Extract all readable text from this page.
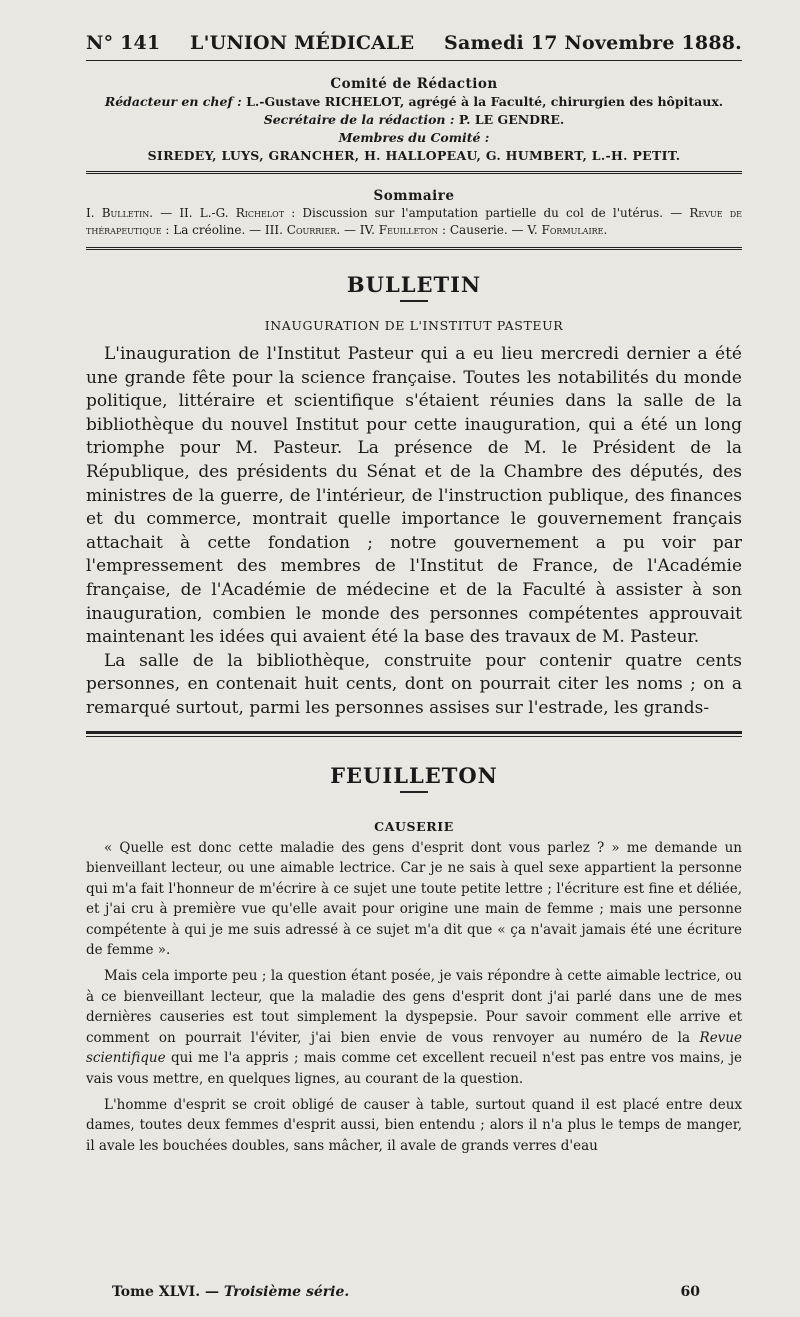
N° 141	L'UNION MÉDICALE	Samedi 17 Novembre 1888.
Comité de Rédaction
Rédacteur en chef : L.-Gustave RICHELOT, agrégé à la Faculté, chirurgien des hôpitaux.
Secrétaire de la rédaction : P. LE GENDRE.
Membres du Comité :
SIREDEY, LUYS, GRANCHER, H. HALLOPEAU, G. HUMBERT, L.-H. PETIT.
Sommaire
I. Bulletin. — II. L.-G. Richelot : Discussion sur l'amputation partielle du col de l'utérus. — Revue de thérapeutique : La créoline. — III. Courrier. — IV. Feuilleton : Causerie. — V. Formulaire.
BULLETIN
INAUGURATION DE L'INSTITUT PASTEUR

L'inauguration de l'Institut Pasteur qui a eu lieu mercredi dernier a été une grande fête pour la science française. Toutes les notabilités du monde politique, littéraire et scientifique s'étaient réunies dans la salle de la bibliothèque du nouvel Institut pour cette inauguration, qui a été un long triomphe pour M. Pasteur. La présence de M. le Président de la République, des présidents du Sénat et de la Chambre des députés, des ministres de la guerre, de l'intérieur, de l'instruction publique, des finances et du commerce, montrait quelle importance le gouvernement français attachait à cette fondation ; notre gouvernement a pu voir par l'empressement des membres de l'Institut de France, de l'Académie française, de l'Académie de médecine et de la Faculté à assister à son inauguration, combien le monde des personnes compétentes approuvait maintenant les idées qui avaient été la base des travaux de M. Pasteur.

La salle de la bibliothèque, construite pour contenir quatre cents personnes, en contenait huit cents, dont on pourrait citer les noms ; on a remarqué surtout, parmi les personnes assises sur l'estrade, les grands-

FEUILLETON
CAUSERIE

« Quelle est donc cette maladie des gens d'esprit dont vous parlez ? » me demande un bienveillant lecteur, ou une aimable lectrice. Car je ne sais à quel sexe appartient la personne qui m'a fait l'honneur de m'écrire à ce sujet une toute petite lettre ; l'écriture est fine et déliée, et j'ai cru à première vue qu'elle avait pour origine une main de femme ; mais une personne compétente à qui je me suis adressé à ce sujet m'a dit que « ça n'avait jamais été une écriture de femme ».

Mais cela importe peu ; la question étant posée, je vais répondre à cette aimable lectrice, ou à ce bienveillant lecteur, que la maladie des gens d'esprit dont j'ai parlé dans une de mes dernières causeries est tout simplement la dyspepsie. Pour savoir comment elle arrive et comment on pourrait l'éviter, j'ai bien envie de vous renvoyer au numéro de la Revue scientifique qui me l'a appris ; mais comme cet excellent recueil n'est pas entre vos mains, je vais vous mettre, en quelques lignes, au courant de la question.

L'homme d'esprit se croit obligé de causer à table, surtout quand il est placé entre deux dames, toutes deux femmes d'esprit aussi, bien entendu ; alors il n'a plus le temps de manger, il avale les bouchées doubles, sans mâcher, il avale de grands verres d'eau

Tome XLVI. — Troisième série.	60
